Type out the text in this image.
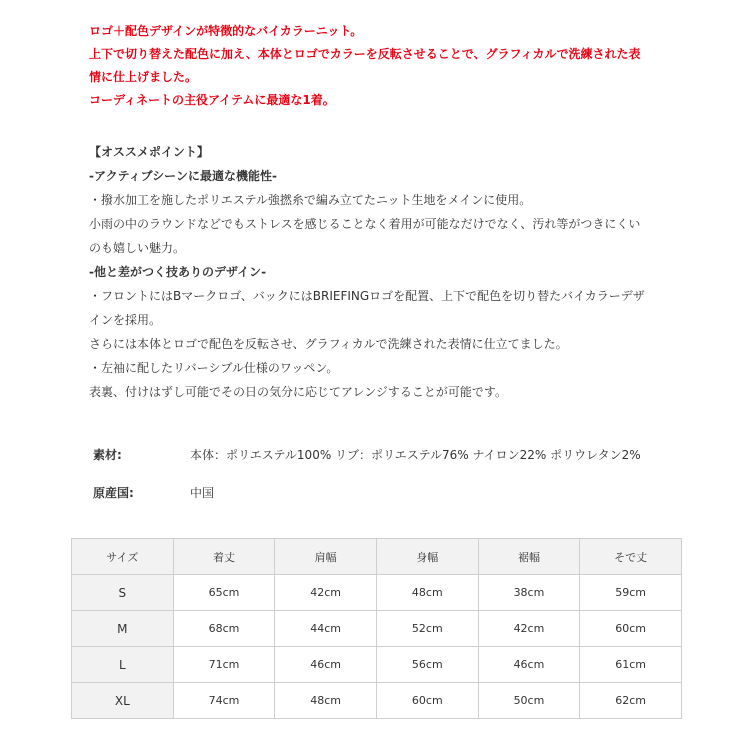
ロゴ＋配色デザインが特徴的なバイカラーニット。

上下で切り替えた配色に加え、本体とロゴでカラーを反転させることで、グラフィカルで洗練された表

情に仕上げました。

コーディネートの主役アイテムに最適な1着。

【オススメポイント】

-アクティブシーンに最適な機能性-

・撥水加工を施したポリエステル強撚糸で編み立てたニット生地をメインに使用。

小雨の中のラウンドなどでもストレスを感じることなく着用が可能なだけでなく、汚れ等がつきにくい

のも嬉しい魅力。

-他と差がつく技ありのデザイン-

・フロントにはBマークロゴ、バックにはBRIEFINGロゴを配置、上下で配色を切り替たバイカラーデザ

インを採用。

さらには本体とロゴで配色を反転させ、グラフィカルで洗練された表情に仕立てました。

・左袖に配したリバーシブル仕様のワッペン。

表裏、付けはずし可能でその日の気分に応じてアレンジすることが可能です。

素材:	本体：ポリエステル100% リブ：ポリエステル76% ナイロン22% ポリウレタン2%
原産国:	中国
サイズ	着丈	肩幅	身幅	裾幅	そで丈
S	65cm	42cm	48cm	38cm	59cm
M	68cm	44cm	52cm	42cm	60cm
L	71cm	46cm	56cm	46cm	61cm
XL	74cm	48cm	60cm	50cm	62cm
